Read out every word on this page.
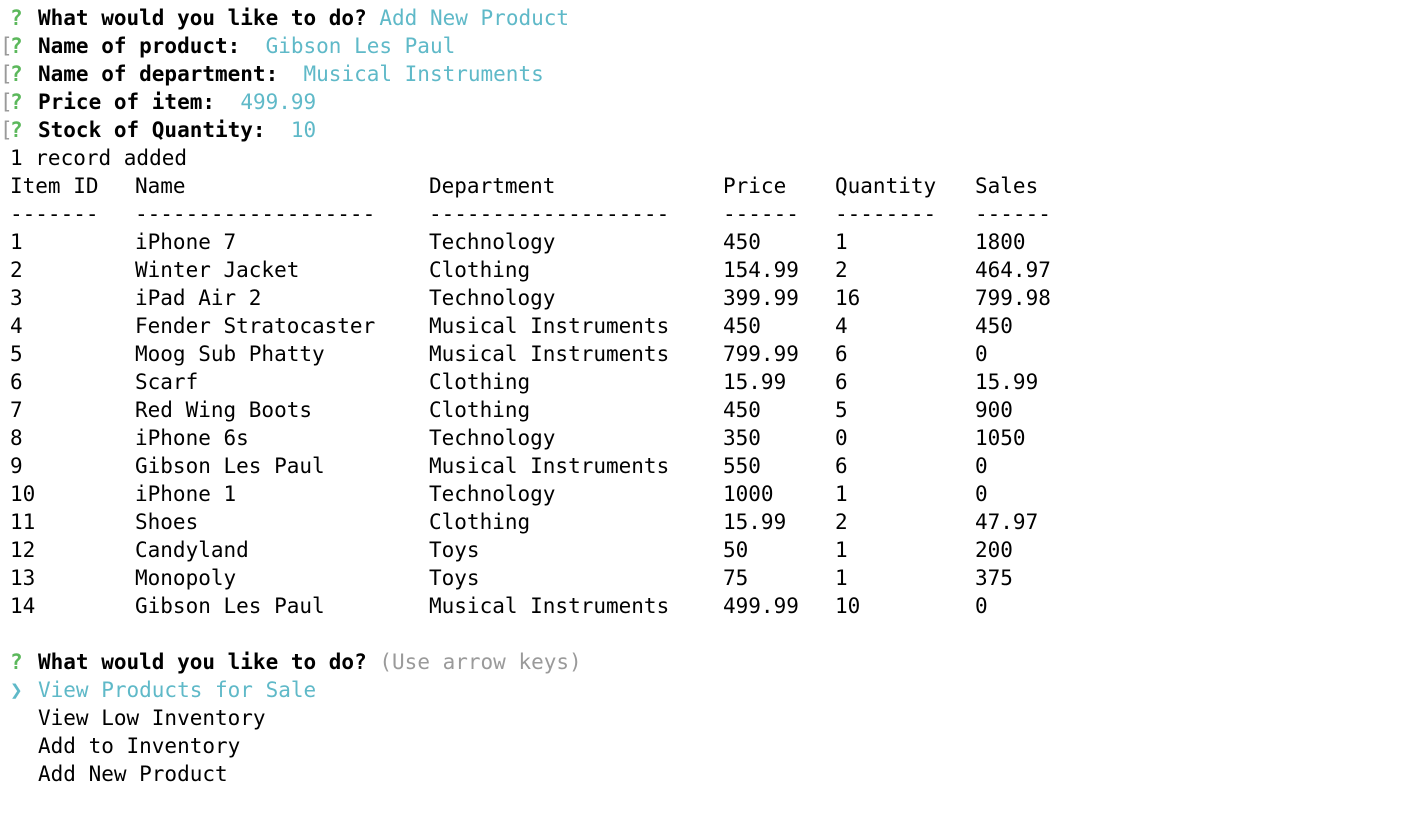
? What would you like to do? Add New Product
[? Name of product: Gibson Les Paul
[? Name of department: Musical Instruments
[? Price of item: 499.99
[? Stock of Quantity: 10
1 record added
Item ID Name	Department	Price Quantity Sales
------- -------------------	-------------------	------ -------- ------
1	iPhone 7	Technology	450	1	1800
2	Winter Jacket	Clothing	154.99 2	464.97
3	iPad Air 2	Technology	399.99 16	799.98
4	Fender Stratocaster	Musical Instruments	450	4	450
5	Moog Sub Phatty	Musical Instruments	799.99 6	0
6	Scarf	Clothing	15.99 6	15.99
7	Red Wing Boots	Clothing	450	5	900
8	iPhone 6s	Technology	350	0	1050
9	Gibson Les Paul	Musical Instruments	550	6	0
10	iPhone 1	Technology	1000	1	0
11	Shoes	Clothing	15.99 2	47.97
12	Candyland	Toys	50	1	200
13	Monopoly	Toys	75	1	375
14	Gibson Les Paul	Musical Instruments	499.99 10	0
? What would you like to do? (Use arrow keys)
❯ View Products for Sale
View Low Inventory
Add to Inventory
Add New Product
